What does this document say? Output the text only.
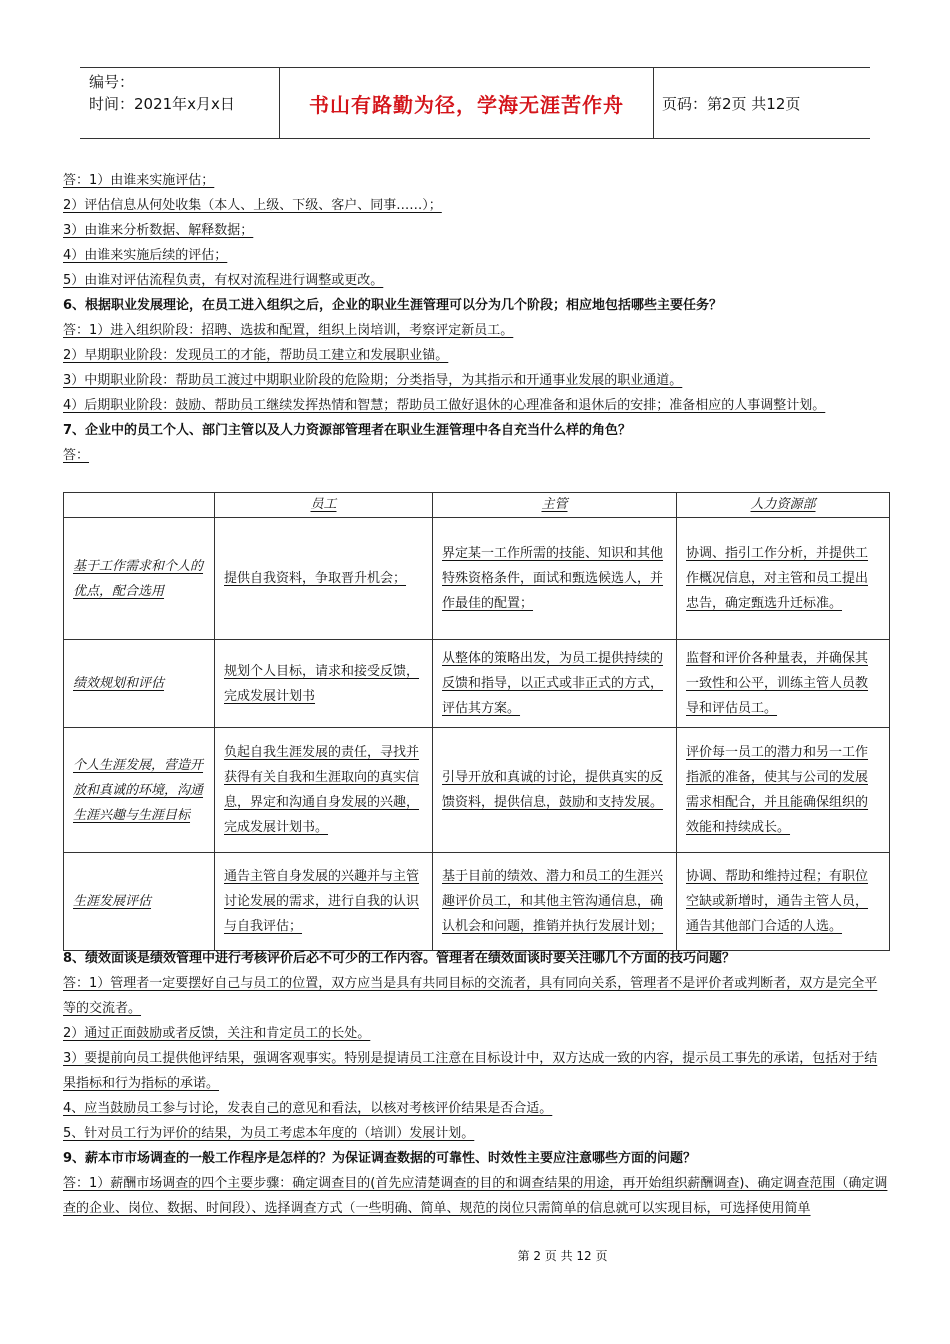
编号：
时间：2021年x月x日	书山有路勤为径，学海无涯苦作舟	页码：第2页 共12页
答：1）由谁来实施评估；
2）评估信息从何处收集（本人、上级、下级、客户、同事……）；
3）由谁来分析数据、解释数据；
4）由谁来实施后续的评估；
5）由谁对评估流程负责，有权对流程进行调整或更改。
6、根据职业发展理论，在员工进入组织之后，企业的职业生涯管理可以分为几个阶段；相应地包括哪些主要任务？
答：1）进入组织阶段：招聘、选拔和配置，组织上岗培训，考察评定新员工。
2）早期职业阶段：发现员工的才能，帮助员工建立和发展职业锚。
3）中期职业阶段：帮助员工渡过中期职业阶段的危险期；分类指导，为其指示和开通事业发展的职业通道。
4）后期职业阶段：鼓励、帮助员工继续发挥热情和智慧；帮助员工做好退休的心理准备和退休后的安排；准备相应的人事调整计划。
7、企业中的员工个人、部门主管以及人力资源部管理者在职业生涯管理中各自充当什么样的角色？
答：
	员工	主管	人力资源部
基于工作需求和个人的优点，配合选用	提供自我资料，争取晋升机会；	界定某一工作所需的技能、知识和其他特殊资格条件，面试和甄选候选人，并作最佳的配置；	协调、指引工作分析，并提供工作概况信息，对主管和员工提出忠告，确定甄选升迁标准。
绩效规划和评估	规划个人目标，请求和接受反馈，完成发展计划书	从整体的策略出发，为员工提供持续的反馈和指导，以正式或非正式的方式，评估其方案。	监督和评价各种量表，并确保其一致性和公平，训练主管人员教导和评估员工。
个人生涯发展，营造开放和真诚的环境，沟通生涯兴趣与生涯目标	负起自我生涯发展的责任，寻找并获得有关自我和生涯取向的真实信息，界定和沟通自身发展的兴趣，完成发展计划书。	引导开放和真诚的讨论，提供真实的反馈资料，提供信息，鼓励和支持发展。	评价每一员工的潜力和另一工作指派的准备，使其与公司的发展需求相配合，并且能确保组织的效能和持续成长。
生涯发展评估	通告主管自身发展的兴趣并与主管讨论发展的需求，进行自我的认识与自我评估；	基于目前的绩效、潜力和员工的生涯兴趣评价员工，和其他主管沟通信息，确认机会和问题，推销并执行发展计划；	协调、帮助和维持过程；有职位空缺或新增时，通告主管人员，通告其他部门合适的人选。
8、绩效面谈是绩效管理中进行考核评价后必不可少的工作内容。管理者在绩效面谈时要关注哪几个方面的技巧问题？
答：1）管理者一定要摆好自己与员工的位置，双方应当是具有共同目标的交流者，具有同向关系，管理者不是评价者或判断者，双方是完全平等的交流者。
2）通过正面鼓励或者反馈，关注和肯定员工的长处。
3）要提前向员工提供他评结果，强调客观事实。特别是提请员工注意在目标设计中，双方达成一致的内容，提示员工事先的承诺，包括对于结果指标和行为指标的承诺。
4、应当鼓励员工参与讨论，发表自己的意见和看法，以核对考核评价结果是否合适。
5、针对员工行为评价的结果，为员工考虑本年度的（培训）发展计划。
9、薪本市市场调查的一般工作程序是怎样的？为保证调查数据的可靠性、时效性主要应注意哪些方面的问题？
答：1）薪酬市场调查的四个主要步骤：确定调查目的(首先应清楚调查的目的和调查结果的用途，再开始组织薪酬调查)、确定调查范围（确定调查的企业、岗位、数据、时间段）、选择调查方式（一些明确、简单、规范的岗位只需简单的信息就可以实现目标，可选择使用简单
第 2 页 共 12 页
